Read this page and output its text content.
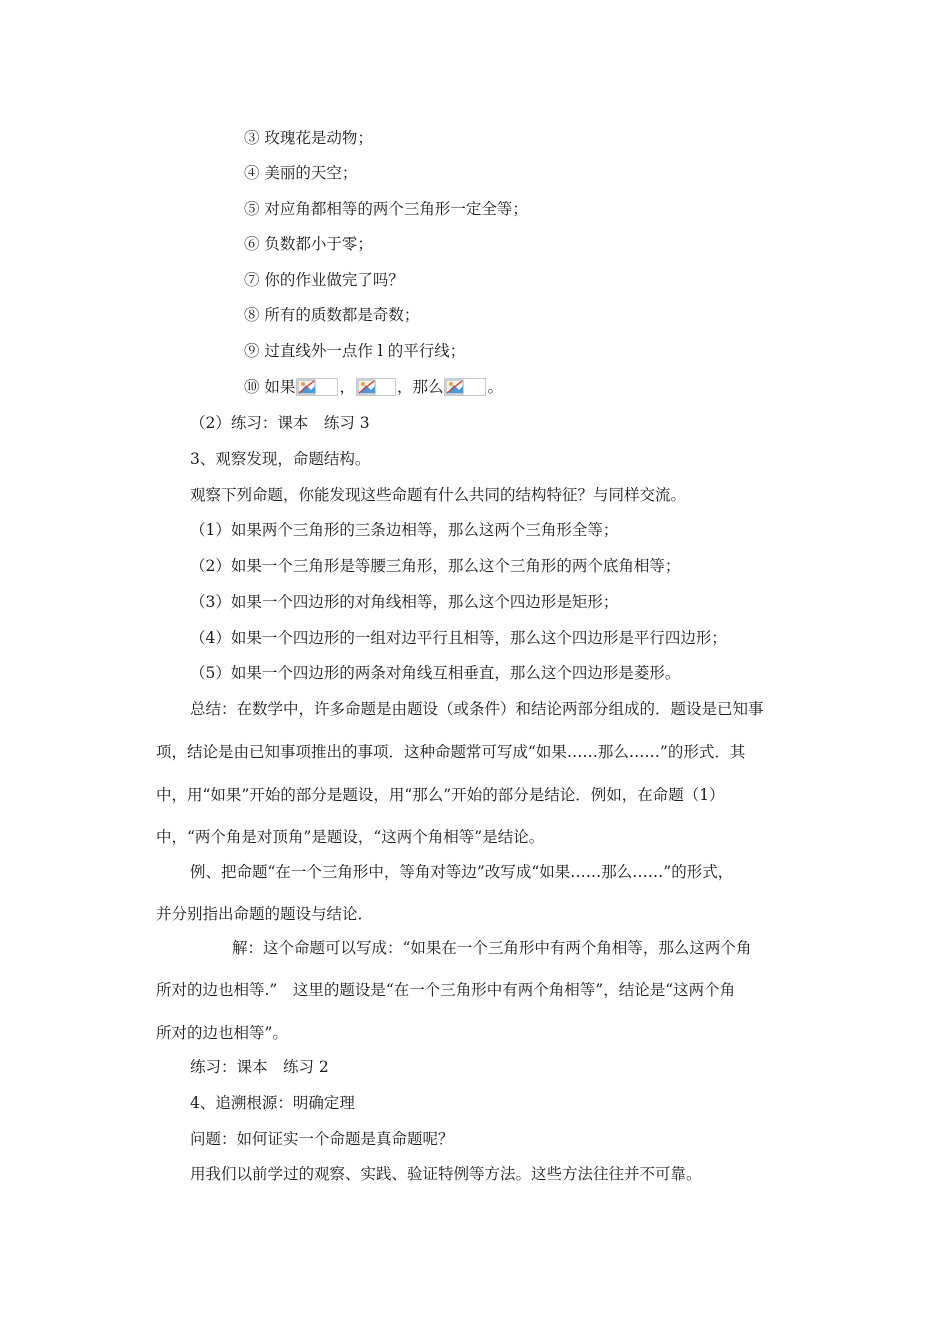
③ 玫瑰花是动物；
④ 美丽的天空；
⑤ 对应角都相等的两个三角形一定全等；
⑥ 负数都小于零；
⑦ 你的作业做完了吗？
⑧ 所有的质数都是奇数；
⑨ 过直线外一点作 l 的平行线；
⑩ 如果	，	，那么	。
（2）练习：课本　练习 3
3、观察发现，命题结构。
观察下列命题，你能发现这些命题有什么共同的结构特征？与同样交流。
（1）如果两个三角形的三条边相等，那么这两个三角形全等；
（2）如果一个三角形是等腰三角形，那么这个三角形的两个底角相等；
（3）如果一个四边形的对角线相等，那么这个四边形是矩形；
（4）如果一个四边形的一组对边平行且相等，那么这个四边形是平行四边形；
（5）如果一个四边形的两条对角线互相垂直，那么这个四边形是菱形。
总结：在数学中，许多命题是由题设（或条件）和结论两部分组成的．题设是已知事
项，结论是由已知事项推出的事项．这种命题常可写成“如果……那么……”的形式．其
中，用“如果”开始的部分是题设，用“那么”开始的部分是结论．例如，在命题（1）
中，“两个角是对顶角”是题设，“这两个角相等”是结论。
例、把命题“在一个三角形中，等角对等边”改写成“如果……那么……”的形式，
并分别指出命题的题设与结论．
解：这个命题可以写成：“如果在一个三角形中有两个角相等，那么这两个角
所对的边也相等.”　这里的题设是“在一个三角形中有两个角相等”，结论是“这两个角
所对的边也相等”。
练习：课本　练习 2
4、追溯根源：明确定理
问题：如何证实一个命题是真命题呢？
用我们以前学过的观察、实践、验证特例等方法。这些方法往往并不可靠。
